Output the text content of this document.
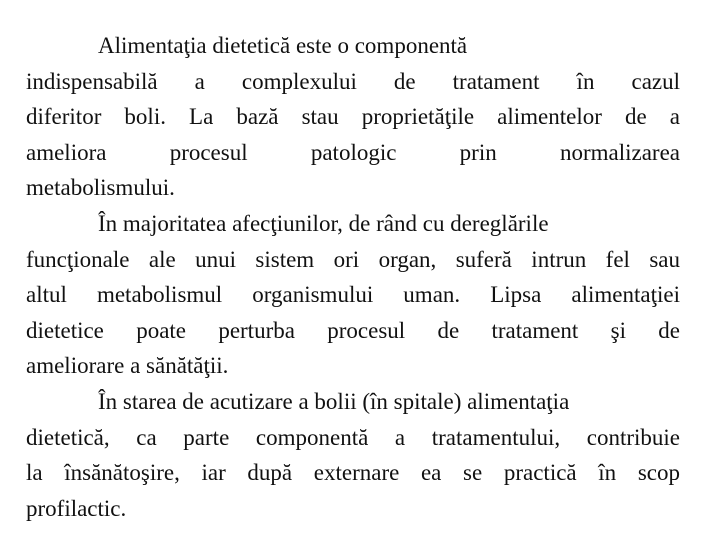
Alimentaţia dietetică este o componentă
indispensabilă a complexului de tratament în cazul
diferitor boli. La bază stau proprietăţile alimentelor de a
ameliora procesul patologic prin normalizarea
metabolismului.
În majoritatea afecţiunilor, de rând cu dereglările
funcţionale ale unui sistem ori organ, suferă intrun fel sau
altul metabolismul organismului uman. Lipsa alimentaţiei
dietetice poate perturba procesul de tratament şi de
ameliorare a sănătăţii.
În starea de acutizare a bolii (în spitale) alimentaţia
dietetică, ca parte componentă a tratamentului, contribuie
la însănătoşire, iar după externare ea se practică în scop
profilactic.
